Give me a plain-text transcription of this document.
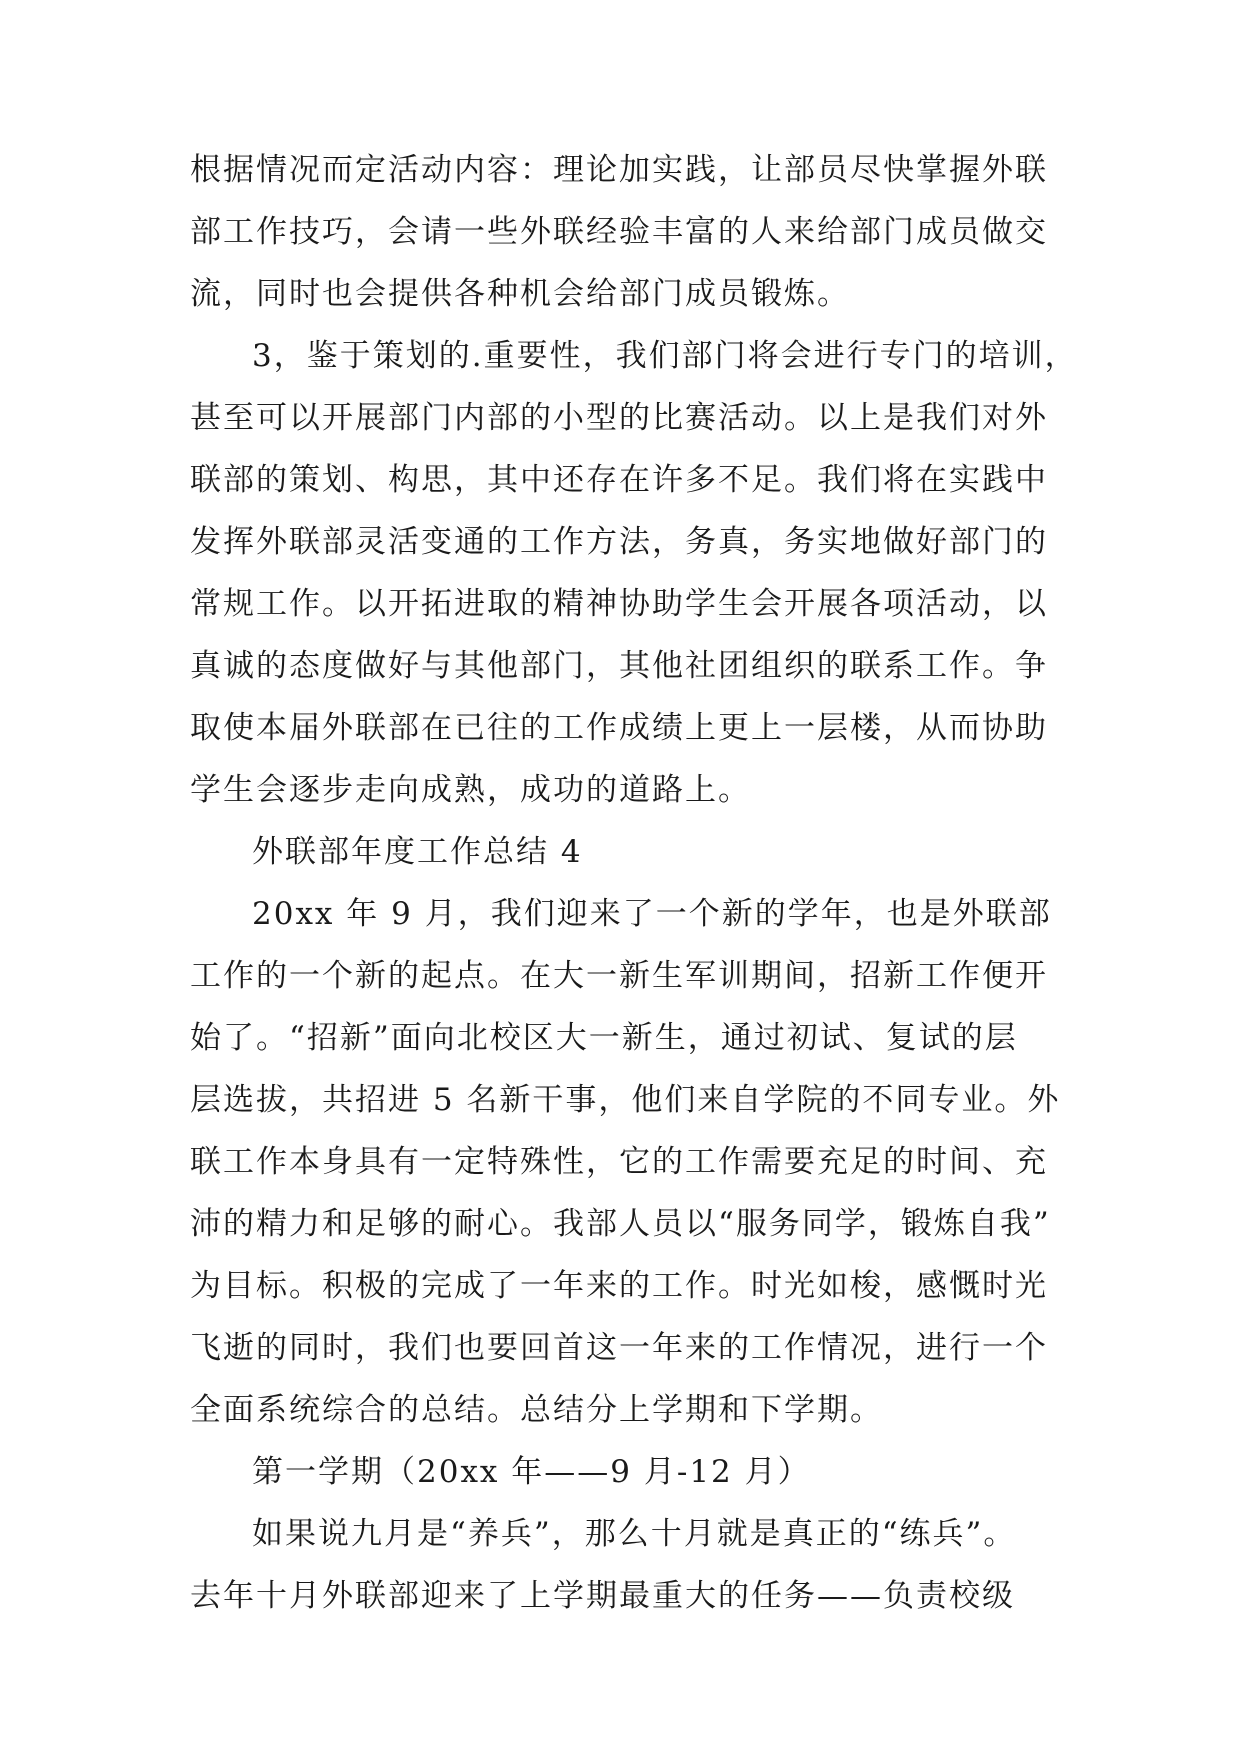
根据情况而定活动内容：理论加实践，让部员尽快掌握外联
部工作技巧，会请一些外联经验丰富的人来给部门成员做交
流，同时也会提供各种机会给部门成员锻炼。
3，鉴于策划的.重要性，我们部门将会进行专门的培训，
甚至可以开展部门内部的小型的比赛活动。以上是我们对外
联部的策划、构思，其中还存在许多不足。我们将在实践中
发挥外联部灵活变通的工作方法，务真，务实地做好部门的
常规工作。以开拓进取的精神协助学生会开展各项活动，以
真诚的态度做好与其他部门，其他社团组织的联系工作。争
取使本届外联部在已往的工作成绩上更上一层楼，从而协助
学生会逐步走向成熟，成功的道路上。
外联部年度工作总结 4
20xx 年 9 月，我们迎来了一个新的学年，也是外联部
工作的一个新的起点。在大一新生军训期间，招新工作便开
始了。“招新”面向北校区大一新生，通过初试、复试的层
层选拔，共招进 5 名新干事，他们来自学院的不同专业。外
联工作本身具有一定特殊性，它的工作需要充足的时间、充
沛的精力和足够的耐心。我部人员以“服务同学，锻炼自我”
为目标。积极的完成了一年来的工作。时光如梭，感慨时光
飞逝的同时，我们也要回首这一年来的工作情况，进行一个
全面系统综合的总结。总结分上学期和下学期。
第一学期（20xx 年——9 月-12 月）
如果说九月是“养兵”，那么十月就是真正的“练兵”。
去年十月外联部迎来了上学期最重大的任务——负责校级
